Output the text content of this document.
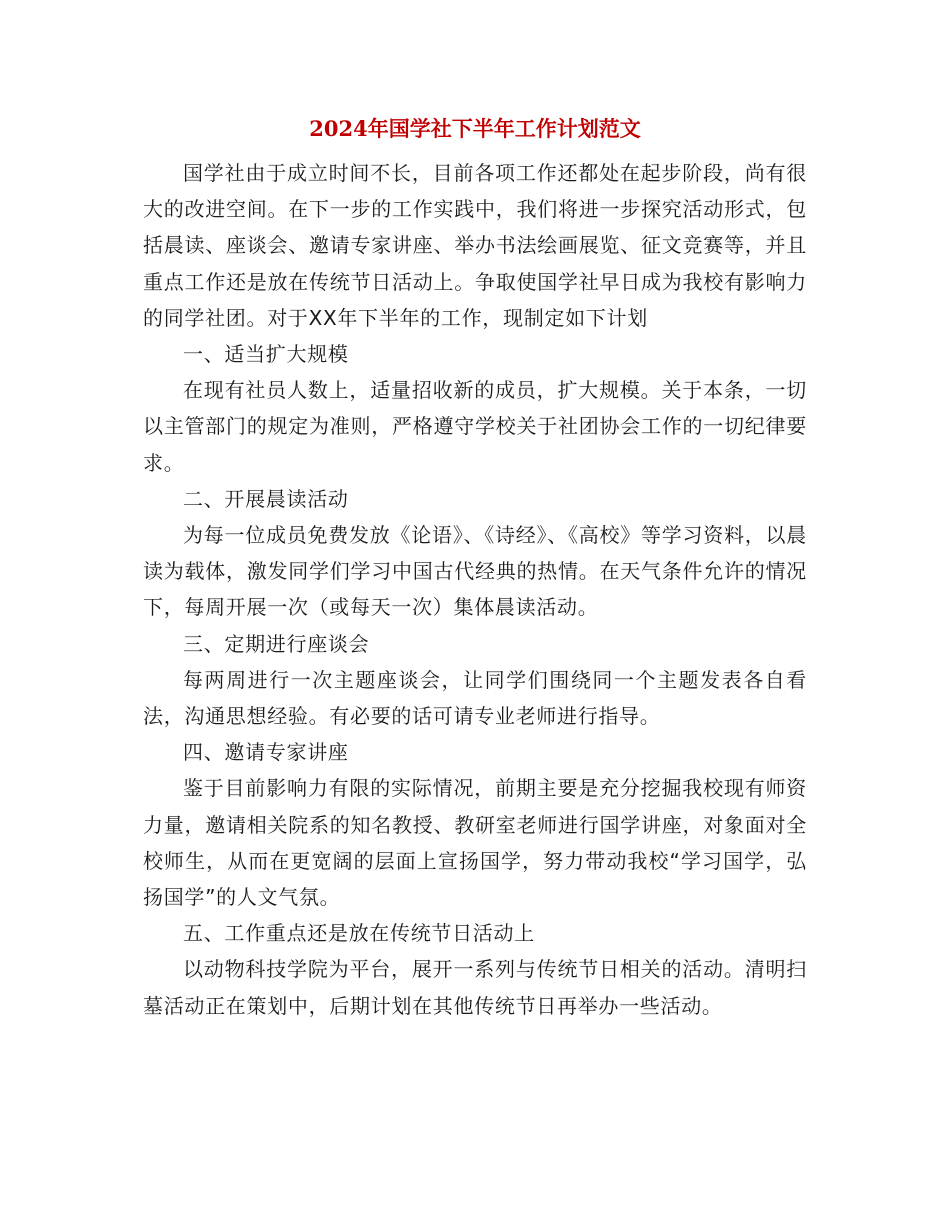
2024年国学社下半年工作计划范文

国学社由于成立时间不长，目前各项工作还都处在起步阶段，尚有很大的改进空间。在下一步的工作实践中，我们将进一步探究活动形式，包括晨读、座谈会、邀请专家讲座、举办书法绘画展览、征文竞赛等，并且重点工作还是放在传统节日活动上。争取使国学社早日成为我校有影响力的同学社团。对于XX年下半年的工作，现制定如下计划

一、适当扩大规模

在现有社员人数上，适量招收新的成员，扩大规模。关于本条，一切以主管部门的规定为准则，严格遵守学校关于社团协会工作的一切纪律要求。

二、开展晨读活动

为每一位成员免费发放《论语》、《诗经》、《高校》等学习资料，以晨读为载体，激发同学们学习中国古代经典的热情。在天气条件允许的情况下，每周开展一次（或每天一次）集体晨读活动。

三、定期进行座谈会

每两周进行一次主题座谈会，让同学们围绕同一个主题发表各自看法，沟通思想经验。有必要的话可请专业老师进行指导。

四、邀请专家讲座

鉴于目前影响力有限的实际情况，前期主要是充分挖掘我校现有师资力量，邀请相关院系的知名教授、教研室老师进行国学讲座，对象面对全校师生，从而在更宽阔的层面上宣扬国学，努力带动我校“学习国学，弘扬国学”的人文气氛。

五、工作重点还是放在传统节日活动上

以动物科技学院为平台，展开一系列与传统节日相关的活动。清明扫墓活动正在策划中，后期计划在其他传统节日再举办一些活动。
